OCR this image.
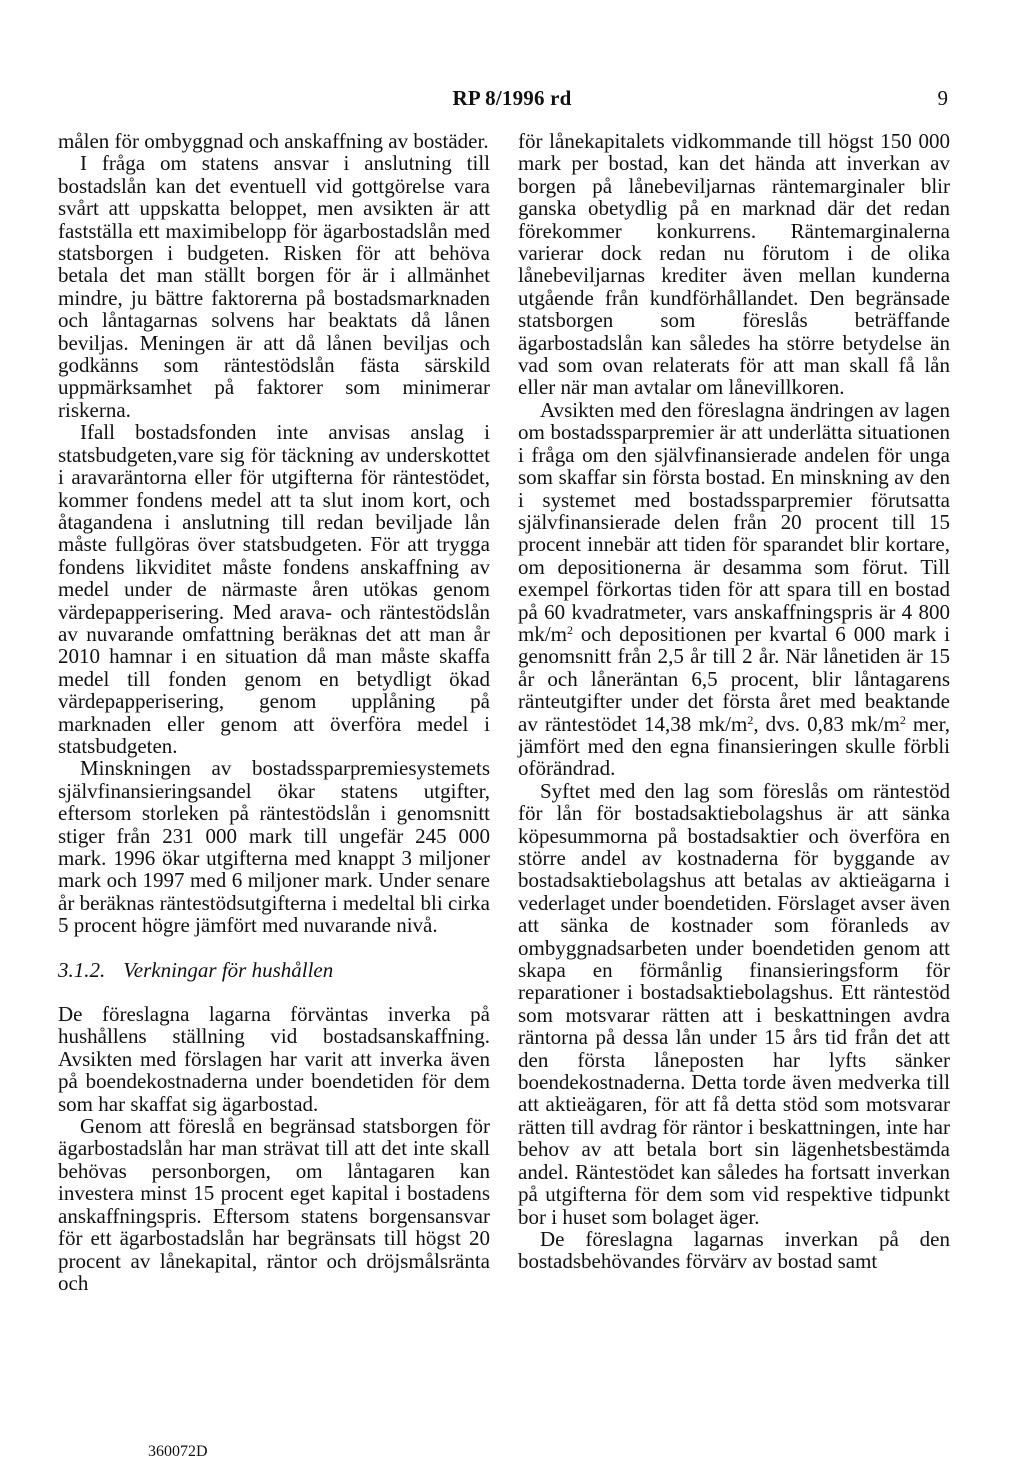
RP 8/1996 rd	9

målen för ombyggnad och anskaffning av bostäder.

I fråga om statens ansvar i anslutning till bostadslån kan det eventuell vid gottgörelse vara svårt att uppskatta beloppet, men avsikten är att fastställa ett maximibelopp för ägarbostadslån med statsborgen i budgeten. Risken för att behöva betala det man ställt borgen för är i allmänhet mindre, ju bättre faktorerna på bostadsmarknaden och låntagarnas solvens har beaktats då lånen beviljas. Meningen är att då lånen beviljas och godkänns som räntestödslån fästa särskild uppmärksamhet på faktorer som minimerar riskerna.

Ifall bostadsfonden inte anvisas anslag i statsbudgeten,vare sig för täckning av underskottet i aravaräntorna eller för utgifterna för räntestödet, kommer fondens medel att ta slut inom kort, och åtagandena i anslutning till redan beviljade lån måste fullgöras över statsbudgeten. För att trygga fondens likviditet måste fondens anskaffning av medel under de närmaste åren utökas genom värdepapperisering. Med arava- och räntestödslån av nuvarande omfattning beräknas det att man år 2010 hamnar i en situation då man måste skaffa medel till fonden genom en betydligt ökad värdepapperisering, genom upplåning på marknaden eller genom att överföra medel i statsbudgeten.

Minskningen av bostadssparpremiesystemets självfinansieringsandel ökar statens utgifter, eftersom storleken på räntestödslån i genomsnitt stiger från 231 000 mark till ungefär 245 000 mark. 1996 ökar utgifterna med knappt 3 miljoner mark och 1997 med 6 miljoner mark. Under senare år beräknas räntestödsutgifterna i medeltal bli cirka 5 procent högre jämfört med nuvarande nivå.

3.1.2. Verkningar för hushållen

De föreslagna lagarna förväntas inverka på hushållens ställning vid bostadsanskaffning. Avsikten med förslagen har varit att inverka även på boendekostnaderna under boendetiden för dem som har skaffat sig ägarbostad.

Genom att föreslå en begränsad statsborgen för ägarbostadslån har man strävat till att det inte skall behövas personborgen, om låntagaren kan investera minst 15 procent eget kapital i bostadens anskaffningspris. Eftersom statens borgensansvar för ett ägarbostadslån har begränsats till högst 20 procent av lånekapital, räntor och dröjsmålsränta och

för lånekapitalets vidkommande till högst 150 000 mark per bostad, kan det hända att inverkan av borgen på lånebeviljarnas räntemarginaler blir ganska obetydlig på en marknad där det redan förekommer konkurrens. Räntemarginalerna varierar dock redan nu förutom i de olika lånebeviljarnas krediter även mellan kunderna utgående från kundförhållandet. Den begränsade statsborgen som föreslås beträffande ägarbostadslån kan således ha större betydelse än vad som ovan relaterats för att man skall få lån eller när man avtalar om lånevillkoren.

Avsikten med den föreslagna ändringen av lagen om bostadssparpremier är att underlätta situationen i fråga om den självfinansierade andelen för unga som skaffar sin första bostad. En minskning av den i systemet med bostadssparpremier förutsatta självfinansierade delen från 20 procent till 15 procent innebär att tiden för sparandet blir kortare, om depositionerna är desamma som förut. Till exempel förkortas tiden för att spara till en bostad på 60 kvadratmeter, vars anskaffningspris är 4 800 $mk/m^2$ och depositionen per kvartal 6 000 mark i genomsnitt från 2,5 år till 2 år. När lånetiden är 15 år och låneräntan 6,5 procent, blir låntagarens ränteutgifter under det första året med beaktande av räntestödet 14,38 $mk/m^2$, dvs. 0,83 $mk/m^2$ mer, jämfört med den egna finansieringen skulle förbli oförändrad.

Syftet med den lag som föreslås om räntestöd för lån för bostadsaktiebolagshus är att sänka köpesummorna på bostadsaktier och överföra en större andel av kostnaderna för byggande av bostadsaktiebolagshus att betalas av aktieägarna i vederlaget under boendetiden. Förslaget avser även att sänka de kostnader som föranleds av ombyggnadsarbeten under boendetiden genom att skapa en förmånlig finansieringsform för reparationer i bostadsaktiebolagshus. Ett räntestöd som motsvarar rätten att i beskattningen avdra räntorna på dessa lån under 15 års tid från det att den första låneposten har lyfts sänker boendekostnaderna. Detta torde även medverka till att aktieägaren, för att få detta stöd som motsvarar rätten till avdrag för räntor i beskattningen, inte har behov av att betala bort sin lägenhetsbestämda andel. Räntestödet kan således ha fortsatt inverkan på utgifterna för dem som vid respektive tidpunkt bor i huset som bolaget äger.

De föreslagna lagarnas inverkan på den bostadsbehövandes förvärv av bostad samt

360072D
